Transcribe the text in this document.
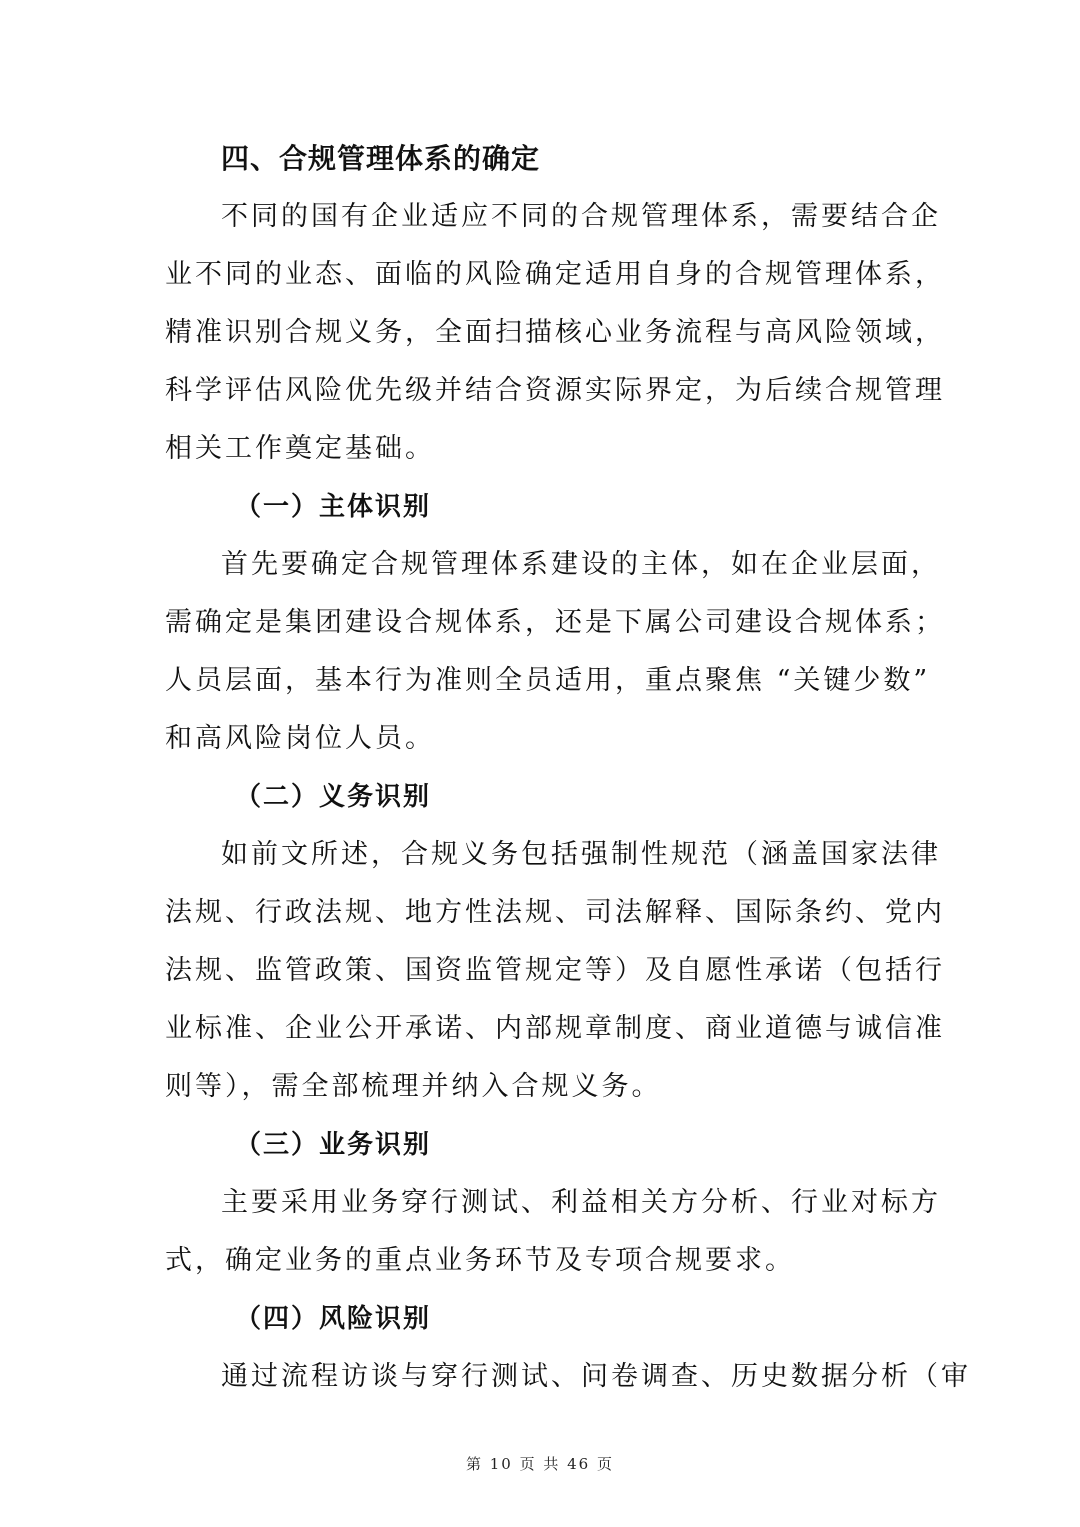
四、合规管理体系的确定

不同的国有企业适应不同的合规管理体系，需要结合企
业不同的业态、面临的风险确定适用自身的合规管理体系，
精准识别合规义务，全面扫描核心业务流程与高风险领域，
科学评估风险优先级并结合资源实际界定，为后续合规管理
相关工作奠定基础。

（一）主体识别

首先要确定合规管理体系建设的主体，如在企业层面，
需确定是集团建设合规体系，还是下属公司建设合规体系；
人员层面，基本行为准则全员适用，重点聚焦 “关键少数”
和高风险岗位人员。

（二）义务识别

如前文所述，合规义务包括强制性规范（涵盖国家法律
法规、行政法规、地方性法规、司法解释、国际条约、党内
法规、监管政策、国资监管规定等）及自愿性承诺（包括行
业标准、企业公开承诺、内部规章制度、商业道德与诚信准
则等），需全部梳理并纳入合规义务。

（三）业务识别

主要采用业务穿行测试、利益相关方分析、行业对标方
式，确定业务的重点业务环节及专项合规要求。

（四）风险识别

通过流程访谈与穿行测试、问卷调查、历史数据分析（审

第 10 页 共 46 页
